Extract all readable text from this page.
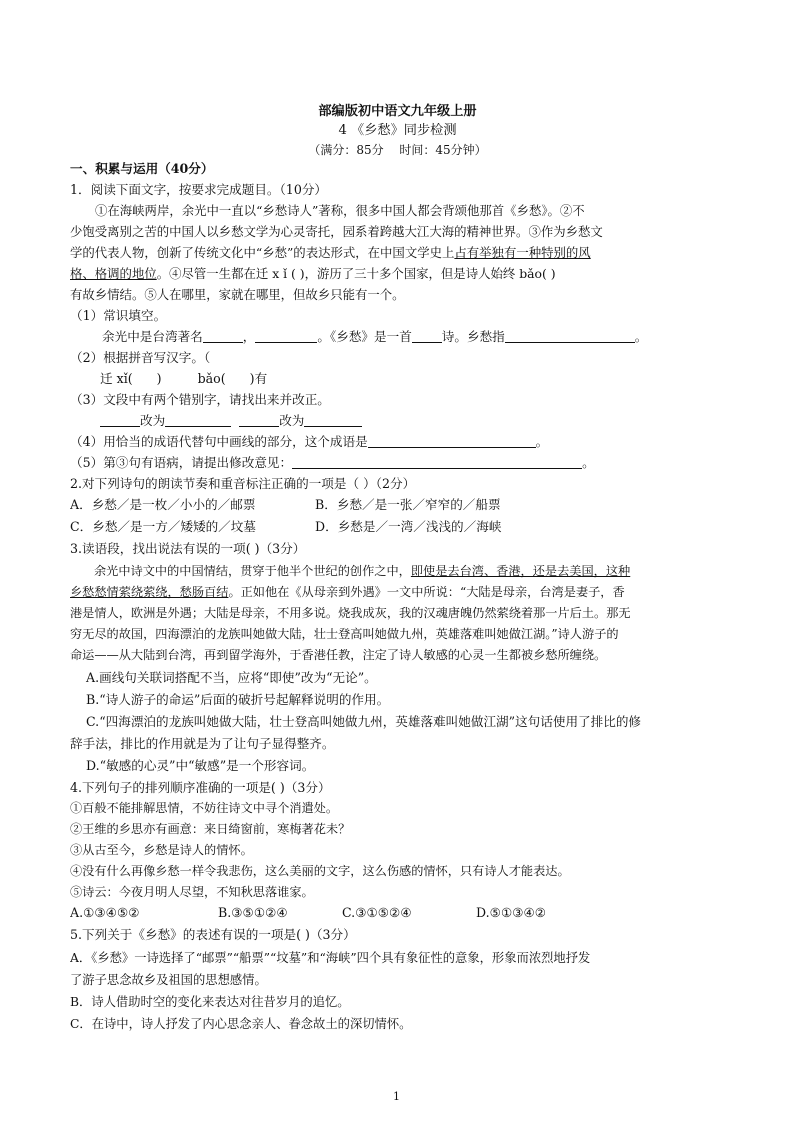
部编版初中语文九年级上册
4 《乡愁》同步检测
（满分：85分　 时间：45分钟）
一、积累与运用（40分）
1．阅读下面文字，按要求完成题目。（10分）
①在海峡两岸，余光中一直以“乡愁诗人”著称，很多中国人都会背颂他那首《乡愁》。②不
少饱受离别之苦的中国人以乡愁文学为心灵寄托，园系着跨越大江大海的精神世界。③作为乡愁文
学的代表人物，创新了传统文化中“乡愁”的表达形式，在中国文学史上占有举独有一种特别的风
格、格调的地位。④尽管一生都在迁 x ǐ ( )，游历了三十多个国家，但是诗人始终 bǎo( )
有故乡情结。⑤人在哪里，家就在哪里，但故乡只能有一个。
（1）常识填空。
余光中是台湾著名	，	。《乡愁》是一首 诗。乡愁指	。
（2）根据拼音写汉字。（
迁 xǐ(      )         bǎo(      )有
（3）文段中有两个错别字，请找出来并改正。
改为	改为
（4）用恰当的成语代替句中画线的部分，这个成语是	。
（5）第③句有语病，请提出修改意见：	。
2.对下列诗句的朗读节奏和重音标注正确的一项是（ ）（2分）
A．乡愁／是一枚／小小的／邮票	B．乡愁／是一张／窄窄的／船票
C．乡愁／是一方／矮矮的／坟墓	D．乡愁是／一湾／浅浅的／海峡
3.读语段，找出说法有误的一项( )（3分）
余光中诗文中的中国情结，贯穿于他半个世纪的创作之中，即使是去台湾、香港，还是去美国，这种
乡愁愁情萦绕萦绕，愁肠百结。正如他在《从母亲到外遇》一文中所说：“大陆是母亲，台湾是妻子，香
港是情人，欧洲是外遇；大陆是母亲，不用多说。烧我成灰，我的汉魂唐魄仍然萦绕着那一片后土。那无
穷无尽的故国，四海漂泊的龙族叫她做大陆，壮士登高叫她做九州，英雄落难叫她做江湖。”诗人游子的
命运——从大陆到台湾，再到留学海外，于香港任教，注定了诗人敏感的心灵一生都被乡愁所缠绕。
A.画线句关联词搭配不当，应将“即使”改为“无论”。
B.“诗人游子的命运”后面的破折号起解释说明的作用。
C.“四海漂泊的龙族叫她做大陆，壮士登高叫她做九州，英雄落难叫她做江湖”这句话使用了排比的修
辞手法，排比的作用就是为了让句子显得整齐。
D.“敏感的心灵”中“敏感”是一个形容词。
4.下列句子的排列顺序准确的一项是( )（3分）
①百般不能排解思情，不妨往诗文中寻个消遣处。
②王维的乡思亦有画意：来日绮窗前，寒梅著花未？
③从古至今，乡愁是诗人的情怀。
④没有什么再像乡愁一样令我悲伤，这么美丽的文字，这么伤感的情怀，只有诗人才能表达。
⑤诗云：今夜月明人尽望，不知秋思落谁家。
A.①③④⑤②	B.③⑤①②④	C.③①⑤②④	D.⑤①③④②
5.下列关于《乡愁》的表述有误的一项是( )（3分）
A．《乡愁》一诗选择了“邮票”“船票”“坟墓”和“海峡”四个具有象征性的意象，形象而浓烈地抒发
了游子思念故乡及祖国的思想感情。
B．诗人借助时空的变化来表达对往昔岁月的追忆。
C．在诗中，诗人抒发了内心思念亲人、眷念故土的深切情怀。
1
